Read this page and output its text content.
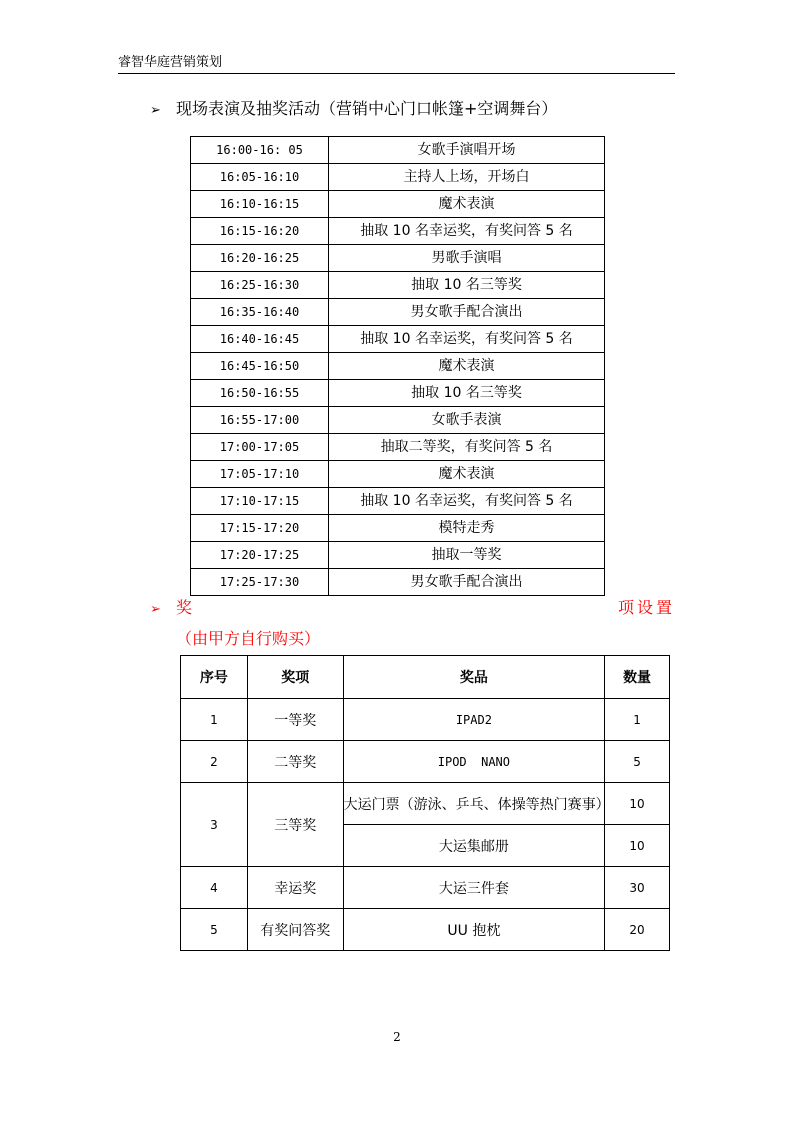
睿智华庭营销策划
➢ 现场表演及抽奖活动（营销中心门口帐篷+空调舞台）
16:00-16: 05	女歌手演唱开场
16:05-16:10	主持人上场，开场白
16:10-16:15	魔术表演
16:15-16:20	抽取 10 名幸运奖，有奖问答 5 名
16:20-16:25	男歌手演唱
16:25-16:30	抽取 10 名三等奖
16:35-16:40	男女歌手配合演出
16:40-16:45	抽取 10 名幸运奖，有奖问答 5 名
16:45-16:50	魔术表演
16:50-16:55	抽取 10 名三等奖
16:55-17:00	女歌手表演
17:00-17:05	抽取二等奖，有奖问答 5 名
17:05-17:10	魔术表演
17:10-17:15	抽取 10 名幸运奖，有奖问答 5 名
17:15-17:20	模特走秀
17:20-17:25	抽取一等奖
17:25-17:30	男女歌手配合演出
➢ 奖	项设置
（由甲方自行购买）
序号	奖项	奖品	数量
1	一等奖	IPAD2	1
2	二等奖	IPOD  NANO	5
3	三等奖	大运门票（游泳、乒乓、体操等热门赛事）	10
		大运集邮册	10
4	幸运奖	大运三件套	30
5	有奖问答奖	UU 抱枕	20
2
